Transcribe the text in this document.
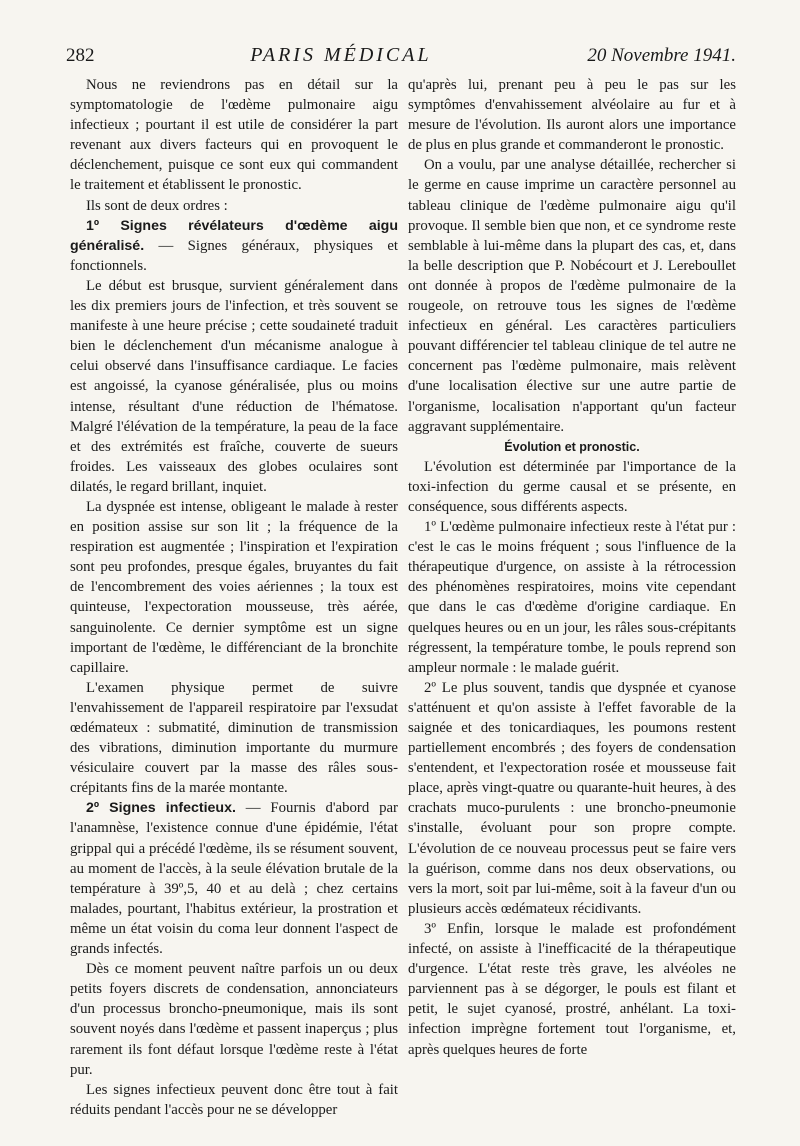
282	PARIS MÉDICAL	20 Novembre 1941.

Nous ne reviendrons pas en détail sur la symptomatologie de l'œdème pulmonaire aigu infectieux ; pourtant il est utile de considérer la part revenant aux divers facteurs qui en provoquent le déclenchement, puisque ce sont eux qui commandent le traitement et établissent le pronostic.

Ils sont de deux ordres :

1º Signes révélateurs d'œdème aigu généralisé. — Signes généraux, physiques et fonctionnels.

Le début est brusque, survient généralement dans les dix premiers jours de l'infection, et très souvent se manifeste à une heure précise ; cette soudaineté traduit bien le déclenchement d'un mécanisme analogue à celui observé dans l'insuffisance cardiaque. Le facies est angoissé, la cyanose généralisée, plus ou moins intense, résultant d'une réduction de l'hématose. Malgré l'élévation de la température, la peau de la face et des extrémités est fraîche, couverte de sueurs froides. Les vaisseaux des globes oculaires sont dilatés, le regard brillant, inquiet.

La dyspnée est intense, obligeant le malade à rester en position assise sur son lit ; la fréquence de la respiration est augmentée ; l'inspiration et l'expiration sont peu profondes, presque égales, bruyantes du fait de l'encombrement des voies aériennes ; la toux est quinteuse, l'expectoration mousseuse, très aérée, sanguinolente. Ce dernier symptôme est un signe important de l'œdème, le différenciant de la bronchite capillaire.

L'examen physique permet de suivre l'envahissement de l'appareil respiratoire par l'exsudat œdémateux : submatité, diminution de transmission des vibrations, diminution importante du murmure vésiculaire couvert par la masse des râles sous-crépitants fins de la marée montante.

2º Signes infectieux. — Fournis d'abord par l'anamnèse, l'existence connue d'une épidémie, l'état grippal qui a précédé l'œdème, ils se résument souvent, au moment de l'accès, à la seule élévation brutale de la température à 39º,5, 40 et au delà ; chez certains malades, pourtant, l'habitus extérieur, la prostration et même un état voisin du coma leur donnent l'aspect de grands infectés.

Dès ce moment peuvent naître parfois un ou deux petits foyers discrets de condensation, annonciateurs d'un processus broncho-pneumonique, mais ils sont souvent noyés dans l'œdème et passent inaperçus ; plus rarement ils font défaut lorsque l'œdème reste à l'état pur.

Les signes infectieux peuvent donc être tout à fait réduits pendant l'accès pour ne se développer

qu'après lui, prenant peu à peu le pas sur les symptômes d'envahissement alvéolaire au fur et à mesure de l'évolution. Ils auront alors une importance de plus en plus grande et commanderont le pronostic.

On a voulu, par une analyse détaillée, rechercher si le germe en cause imprime un caractère personnel au tableau clinique de l'œdème pulmonaire aigu qu'il provoque. Il semble bien que non, et ce syndrome reste semblable à lui-même dans la plupart des cas, et, dans la belle description que P. Nobécourt et J. Lereboullet ont donnée à propos de l'œdème pulmonaire de la rougeole, on retrouve tous les signes de l'œdème infectieux en général. Les caractères particuliers pouvant différencier tel tableau clinique de tel autre ne concernent pas l'œdème pulmonaire, mais relèvent d'une localisation élective sur une autre partie de l'organisme, localisation n'apportant qu'un facteur aggravant supplémentaire.

Évolution et pronostic.

L'évolution est déterminée par l'importance de la toxi-infection du germe causal et se présente, en conséquence, sous différents aspects.

1º L'œdème pulmonaire infectieux reste à l'état pur : c'est le cas le moins fréquent ; sous l'influence de la thérapeutique d'urgence, on assiste à la rétrocession des phénomènes respiratoires, moins vite cependant que dans le cas d'œdème d'origine cardiaque. En quelques heures ou en un jour, les râles sous-crépitants régressent, la température tombe, le pouls reprend son ampleur normale : le malade guérit.

2º Le plus souvent, tandis que dyspnée et cyanose s'atténuent et qu'on assiste à l'effet favorable de la saignée et des tonicardiaques, les poumons restent partiellement encombrés ; des foyers de condensation s'entendent, et l'expectoration rosée et mousseuse fait place, après vingt-quatre ou quarante-huit heures, à des crachats muco-purulents : une broncho-pneumonie s'installe, évoluant pour son propre compte. L'évolution de ce nouveau processus peut se faire vers la guérison, comme dans nos deux observations, ou vers la mort, soit par lui-même, soit à la faveur d'un ou plusieurs accès œdémateux récidivants.

3º Enfin, lorsque le malade est profondément infecté, on assiste à l'inefficacité de la thérapeutique d'urgence. L'état reste très grave, les alvéoles ne parviennent pas à se dégorger, le pouls est filant et petit, le sujet cyanosé, prostré, anhélant. La toxi-infection imprègne fortement tout l'organisme, et, après quelques heures de forte
